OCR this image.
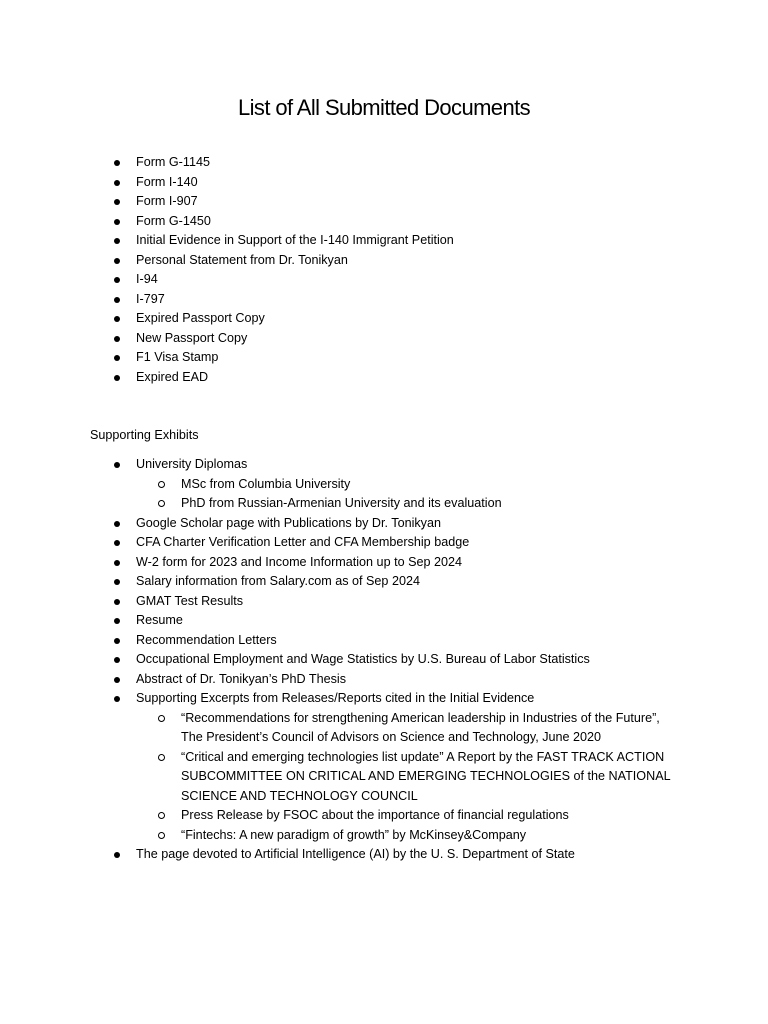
List of All Submitted Documents
Form G-1145
Form I-140
Form I-907
Form G-1450
Initial Evidence in Support of the I-140 Immigrant Petition
Personal Statement from Dr. Tonikyan
I-94
I-797
Expired Passport Copy
New Passport Copy
F1 Visa Stamp
Expired EAD

Supporting Exhibits

University Diplomas
MSc from Columbia University
PhD from Russian-Armenian University and its evaluation
Google Scholar page with Publications by Dr. Tonikyan
CFA Charter Verification Letter and CFA Membership badge
W-2 form for 2023 and Income Information up to Sep 2024
Salary information from Salary.com as of Sep 2024
GMAT Test Results
Resume
Recommendation Letters
Occupational Employment and Wage Statistics by U.S. Bureau of Labor Statistics
Abstract of Dr. Tonikyan’s PhD Thesis
Supporting Excerpts from Releases/Reports cited in the Initial Evidence
“Recommendations for strengthening American leadership in Industries of the Future”, The President’s Council of Advisors on Science and Technology, June 2020
“Critical and emerging technologies list update” A Report by the FAST TRACK ACTION SUBCOMMITTEE ON CRITICAL AND EMERGING TECHNOLOGIES of the NATIONAL SCIENCE AND TECHNOLOGY COUNCIL
Press Release by FSOC about the importance of financial regulations
“Fintechs: A new paradigm of growth” by McKinsey&Company
The page devoted to Artificial Intelligence (AI) by the U. S. Department of State
